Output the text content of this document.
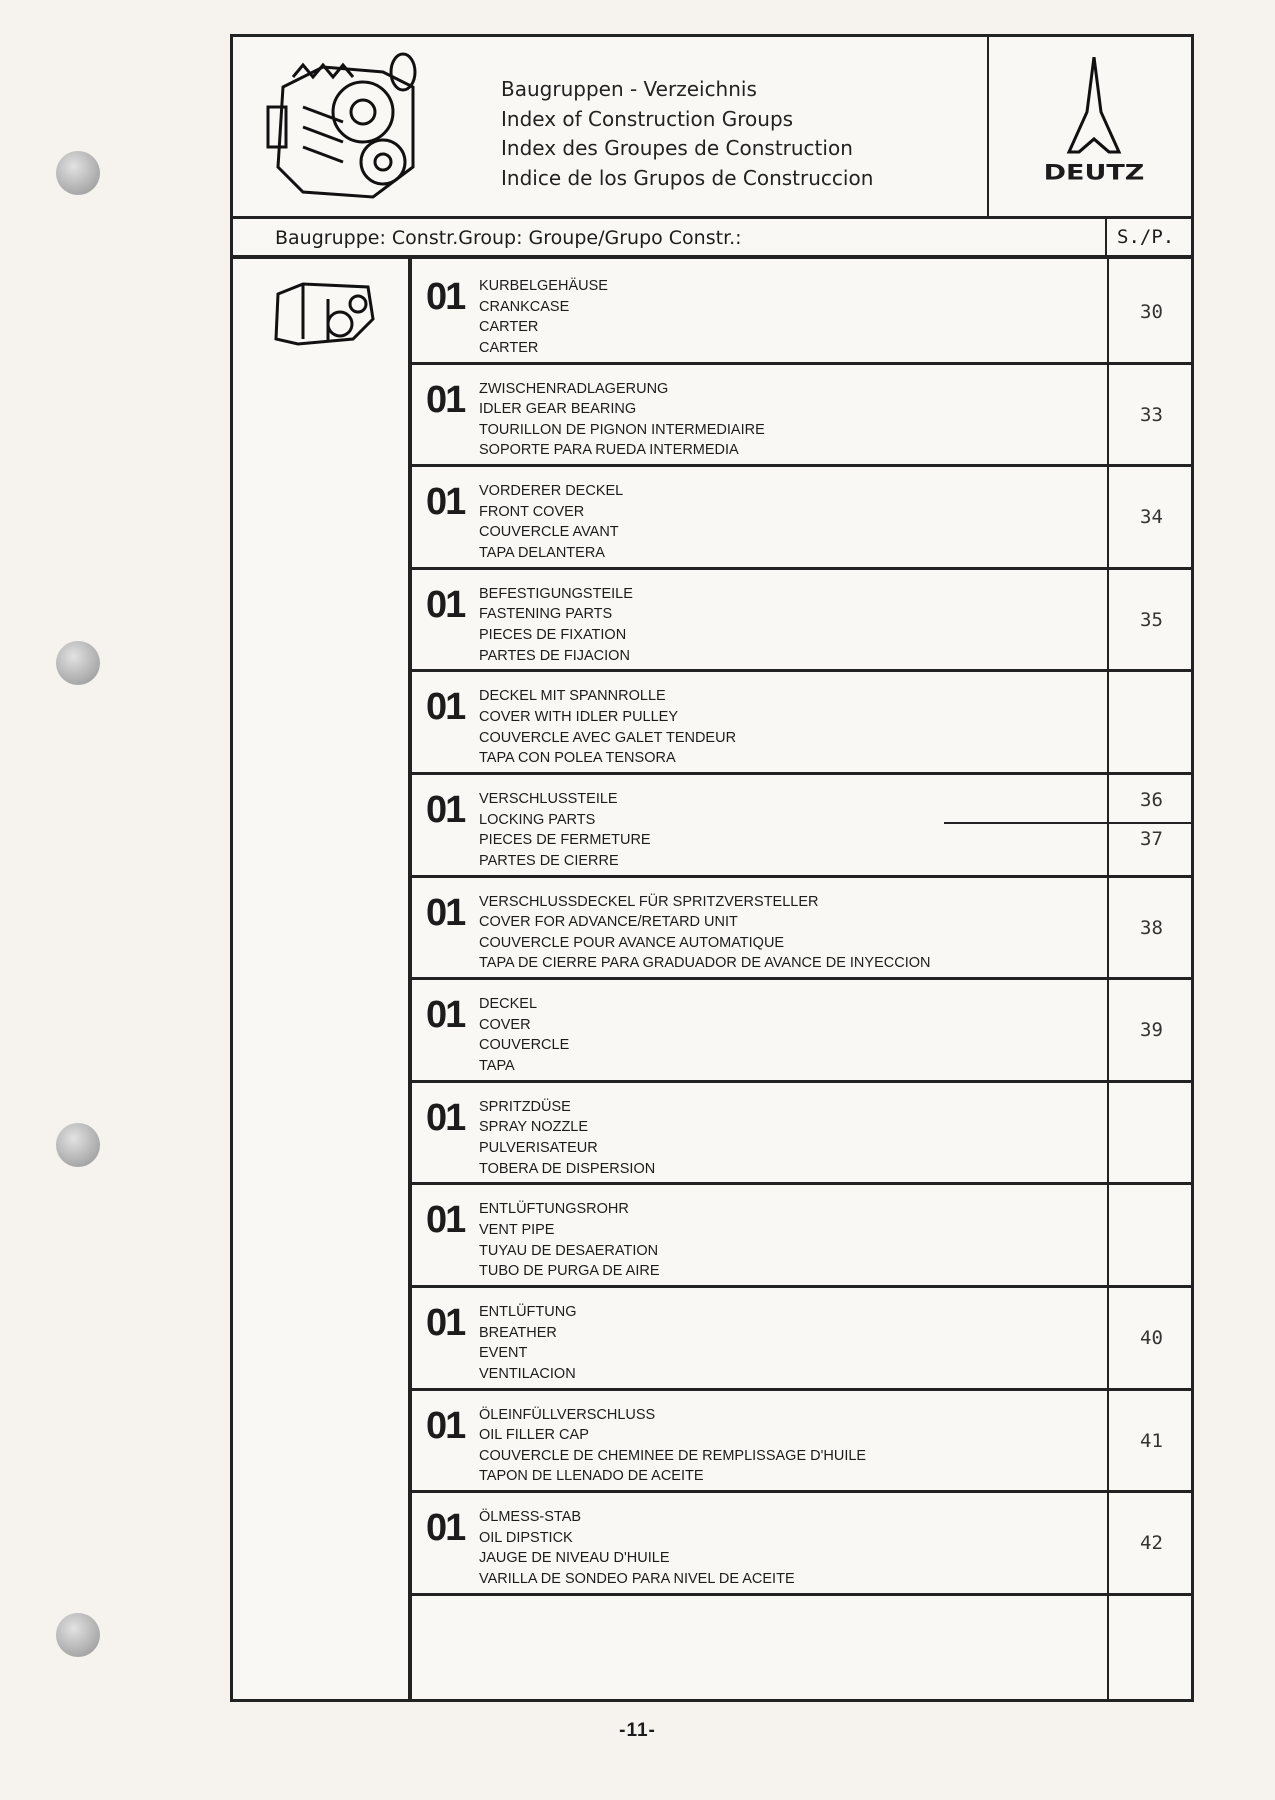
Baugruppen - Verzeichnis
Index of Construction Groups
Index des Groupes de Construction
Indice de los Grupos de Construccion	DEUTZ
Baugruppe: Constr.Group: Groupe/Grupo Constr.:	S./P.
01 KURBELGEHÄUSE
CRANKCASE
CARTER
CARTER
30
01 ZWISCHENRADLAGERUNG
IDLER GEAR BEARING
TOURILLON DE PIGNON INTERMEDIAIRE
SOPORTE PARA RUEDA INTERMEDIA
33
01 VORDERER DECKEL
FRONT COVER
COUVERCLE AVANT
TAPA DELANTERA
34
01 BEFESTIGUNGSTEILE
FASTENING PARTS
PIECES DE FIXATION
PARTES DE FIJACION
35
01 DECKEL MIT SPANNROLLE
COVER WITH IDLER PULLEY
COUVERCLE AVEC GALET TENDEUR
TAPA CON POLEA TENSORA
01 VERSCHLUSSTEILE
LOCKING PARTS
PIECES DE FERMETURE
PARTES DE CIERRE
36
37
01 VERSCHLUSSDECKEL FÜR SPRITZVERSTELLER
COVER FOR ADVANCE/RETARD UNIT
COUVERCLE POUR AVANCE AUTOMATIQUE
TAPA DE CIERRE PARA GRADUADOR DE AVANCE DE INYECCION
38
01 DECKEL
COVER
COUVERCLE
TAPA
39
01 SPRITZDÜSE
SPRAY NOZZLE
PULVERISATEUR
TOBERA DE DISPERSION
01 ENTLÜFTUNGSROHR
VENT PIPE
TUYAU DE DESAERATION
TUBO DE PURGA DE AIRE
01 ENTLÜFTUNG
BREATHER
EVENT
VENTILACION
40
01 ÖLEINFÜLLVERSCHLUSS
OIL FILLER CAP
COUVERCLE DE CHEMINEE DE REMPLISSAGE D'HUILE
TAPON DE LLENADO DE ACEITE
41
01 ÖLMESS-STAB
OIL DIPSTICK
JAUGE DE NIVEAU D'HUILE
VARILLA DE SONDEO PARA NIVEL DE ACEITE
42
-11-
